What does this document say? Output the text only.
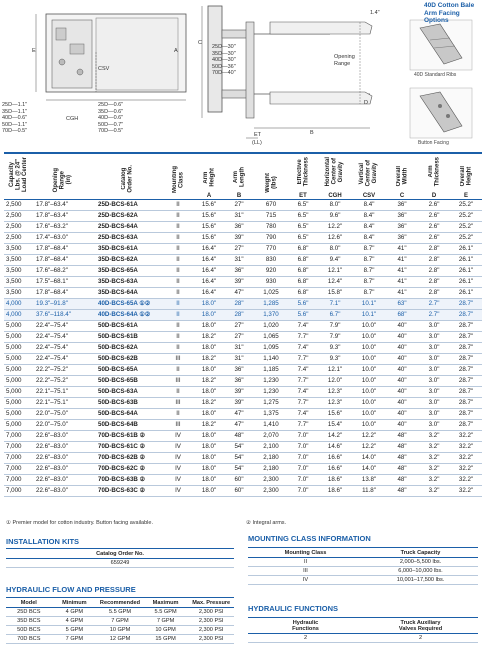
40D Cotton Bale Arm Facing Options
40D Standard Ribs
Button Facing
25D—1.1"
35D—1.1"
40D—0.6"
50D—1.1"
70D—0.5"
25D—0.6"
35D—0.6"
40D—0.6"
50D—0.7"
70D—0.5"
25D—30"
35D—30"
40D—30"
50D—36"
70D—40"
CGH
CSV
E	A
C
B
D
ET
(LL)
Opening
Range
1.4"
Capacity
Lbs. @ 24"
Load Center	Opening
Range
(in)	Catalog
Order No.	Mounting
Class	Arm
Height
A	Arm
Length
B	Weight
(lbs)	Effective
Thickness
ET	Horizontal
Center of
Gravity
CGH	Vertical
Center of
Gravity
CSV	Overall
Width
C	Arm
Thickness
D	Overall
Height
E

2,500	17.8"–63.4"	25D-BCS-61A	II	15.6"	27"	670	6.5"	8.0"	8.4"	36"	2.6"	25.2"
2,500	17.8"–63.4"	25D-BCS-62A	II	15.6"	31"	715	6.5"	9.6"	8.4"	36"	2.6"	25.2"
2,500	17.6"–63.2"	25D-BCS-64A	II	15.6"	36"	780	6.5"	12.2"	8.4"	36"	2.6"	25.2"
2,500	17.4"–63.0"	25D-BCS-63A	II	15.6"	39"	790	6.5"	12.6"	8.4"	36"	2.6"	25.2"
3,500	17.8"–68.4"	35D-BCS-61A	II	16.4"	27"	770	6.8"	8.0"	8.7"	41"	2.8"	26.1"
3,500	17.8"–68.4"	35D-BCS-62A	II	16.4"	31"	830	6.8"	9.4"	8.7"	41"	2.8"	26.1"
3,500	17.6"–68.2"	35D-BCS-65A	II	16.4"	36"	920	6.8"	12.1"	8.7"	41"	2.8"	26.1"
3,500	17.5"–68.1"	35D-BCS-63A	II	16.4"	39"	930	6.8"	12.4"	8.7"	41"	2.8"	26.1"
3,500	17.8"–68.4"	35D-BCS-64A	II	16.4"	47"	1,025	6.8"	15.8"	8.7"	41"	2.8"	26.1"
4,000	19.3"–91.8"	40D-BCS-65A ①②	II	18.0"	28"	1,285	5.6"	7.1"	10.1"	63"	2.7"	28.7"
4,000	37.6"–118.4"	40D-BCS-64A ①②	II	18.0"	28"	1,370	5.6"	6.7"	10.1"	68"	2.7"	28.7"
5,000	22.4"–75.4"	50D-BCS-61A	II	18.0"	27"	1,020	7.4"	7.9"	10.0"	40"	3.0"	28.7"
5,000	22.4"–75.4"	50D-BCS-61B	II	18.2"	27"	1,065	7.7"	7.9"	10.0"	40"	3.0"	28.7"
5,000	22.4"–75.4"	50D-BCS-62A	II	18.0"	31"	1,095	7.4"	9.3"	10.0"	40"	3.0"	28.7"
5,000	22.4"–75.4"	50D-BCS-62B	III	18.2"	31"	1,140	7.7"	9.3"	10.0"	40"	3.0"	28.7"
5,000	22.2"–75.2"	50D-BCS-65A	II	18.0"	36"	1,185	7.4"	12.1"	10.0"	40"	3.0"	28.7"
5,000	22.2"–75.2"	50D-BCS-65B	III	18.2"	36"	1,230	7.7"	12.0"	10.0"	40"	3.0"	28.7"
5,000	22.1"–75.1"	50D-BCS-63A	II	18.0"	39"	1,230	7.4"	12.3"	10.0"	40"	3.0"	28.7"
5,000	22.1"–75.1"	50D-BCS-63B	III	18.2"	39"	1,275	7.7"	12.3"	10.0"	40"	3.0"	28.7"
5,000	22.0"–75.0"	50D-BCS-64A	II	18.0"	47"	1,375	7.4"	15.6"	10.0"	40"	3.0"	28.7"
5,000	22.0"–75.0"	50D-BCS-64B	III	18.2"	47"	1,410	7.7"	15.4"	10.0"	40"	3.0"	28.7"
7,000	22.6"–83.0"	70D-BCS-61B ②	IV	18.0"	48"	2,070	7.0"	14.2"	12.2"	48"	3.2"	32.2"
7,000	22.6"–83.0"	70D-BCS-61C ②	IV	18.0"	54"	2,100	7.0"	14.6"	12.2"	48"	3.2"	32.2"
7,000	22.6"–83.0"	70D-BCS-62B ②	IV	18.0"	54"	2,180	7.0"	16.6"	14.0"	48"	3.2"	32.2"
7,000	22.6"–83.0"	70D-BCS-62C ②	IV	18.0"	54"	2,180	7.0"	16.6"	14.0"	48"	3.2"	32.2"
7,000	22.6"–83.0"	70D-BCS-63B ②	IV	18.0"	60"	2,300	7.0"	18.6"	13.8"	48"	3.2"	32.2"
7,000	22.6"–83.0"	70D-BCS-63C ②	IV	18.0"	60"	2,300	7.0"	18.6"	11.8"	48"	3.2"	32.2"
① Premier model for cotton industry. Button facing available.	② Integral arms.
INSTALLATION KITS
Catalog Order No.
659249
HYDRAULIC FLOW AND PRESSURE
Model	Minimum	Recommended	Maximum	Max. Pressure
25D BCS	4 GPM	5.5 GPM	5.5 GPM	2,300 PSI
35D BCS	4 GPM	7 GPM	7 GPM	2,300 PSI
50D BCS	5 GPM	10 GPM	10 GPM	2,300 PSI
70D BCS	7 GPM	12 GPM	15 GPM	2,300 PSI
MOUNTING CLASS INFORMATION
Mounting Class	Truck Capacity
II	2,000–5,500 lbs.
III	6,000–10,000 lbs.
IV	10,001–17,500 lbs.
HYDRAULIC FUNCTIONS
Hydraulic
Functions	Truck Auxiliary
Valves Required
2	2
